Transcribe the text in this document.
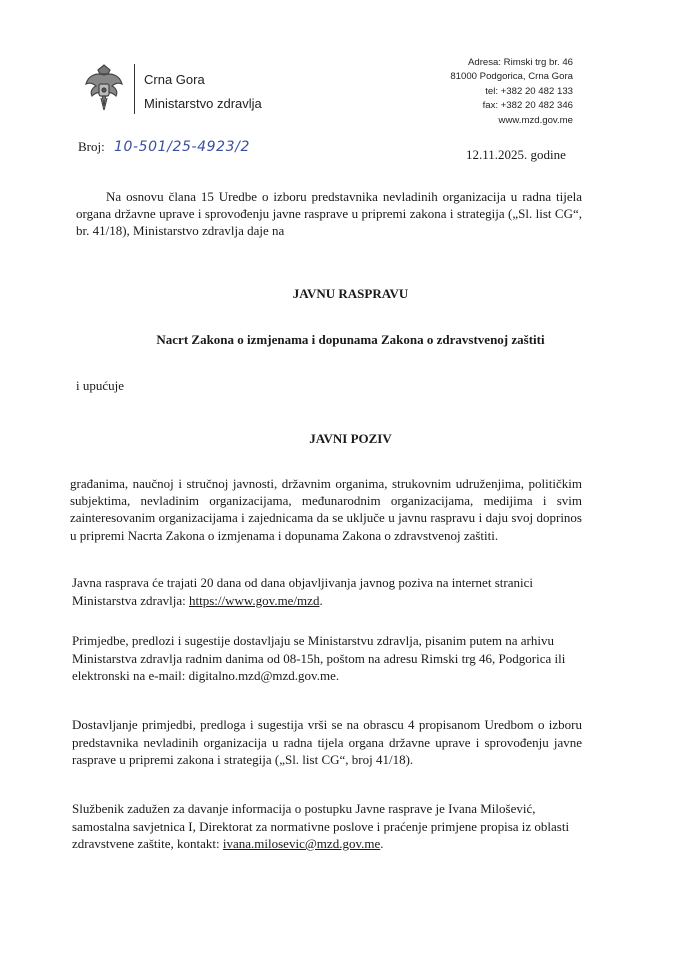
Crna Gora
Ministarstvo zdravlja
Adresa: Rimski trg br. 46
81000 Podgorica, Crna Gora
tel: +382 20 482 133
fax: +382 20 482 346
www.mzd.gov.me
Broj: 10-501/25-4923/2	12.11.2025. godine
Na osnovu člana 15 Uredbe o izboru predstavnika nevladinih organizacija u radna tijela organa državne uprave i sprovođenju javne rasprave u pripremi zakona i strategija („Sl. list CG“, br. 41/18), Ministarstvo zdravlja daje na
JAVNU RASPRAVU
Nacrt Zakona o izmjenama i dopunama Zakona o zdravstvenoj zaštiti
i upućuje
JAVNI POZIV
građanima, naučnoj i stručnoj javnosti, državnim organima, strukovnim udruženjima, političkim subjektima, nevladinim organizacijama, međunarodnim organizacijama, medijima i svim zainteresovanim organizacijama i zajednicama da se uključe u javnu raspravu i daju svoj doprinos u pripremi Nacrta Zakona o izmjenama i dopunama Zakona o zdravstvenoj zaštiti.
Javna rasprava će trajati 20 dana od dana objavljivanja javnog poziva na internet stranici Ministarstva zdravlja: https://www.gov.me/mzd.
Primjedbe, predlozi i sugestije dostavljaju se Ministarstvu zdravlja, pisanim putem na arhivu Ministarstva zdravlja radnim danima od 08-15h, poštom na adresu Rimski trg 46, Podgorica ili elektronski na e-mail: digitalno.mzd@mzd.gov.me.
Dostavljanje primjedbi, predloga i sugestija vrši se na obrascu 4 propisanom Uredbom o izboru predstavnika nevladinih organizacija u radna tijela organa državne uprave i sprovođenju javne rasprave u pripremi zakona i strategija („Sl. list CG“, broj 41/18).
Službenik zadužen za davanje informacija o postupku Javne rasprave je Ivana Milošević, samostalna savjetnica I, Direktorat za normativne poslove i praćenje primjene propisa iz oblasti zdravstvene zaštite, kontakt: ivana.milosevic@mzd.gov.me.
